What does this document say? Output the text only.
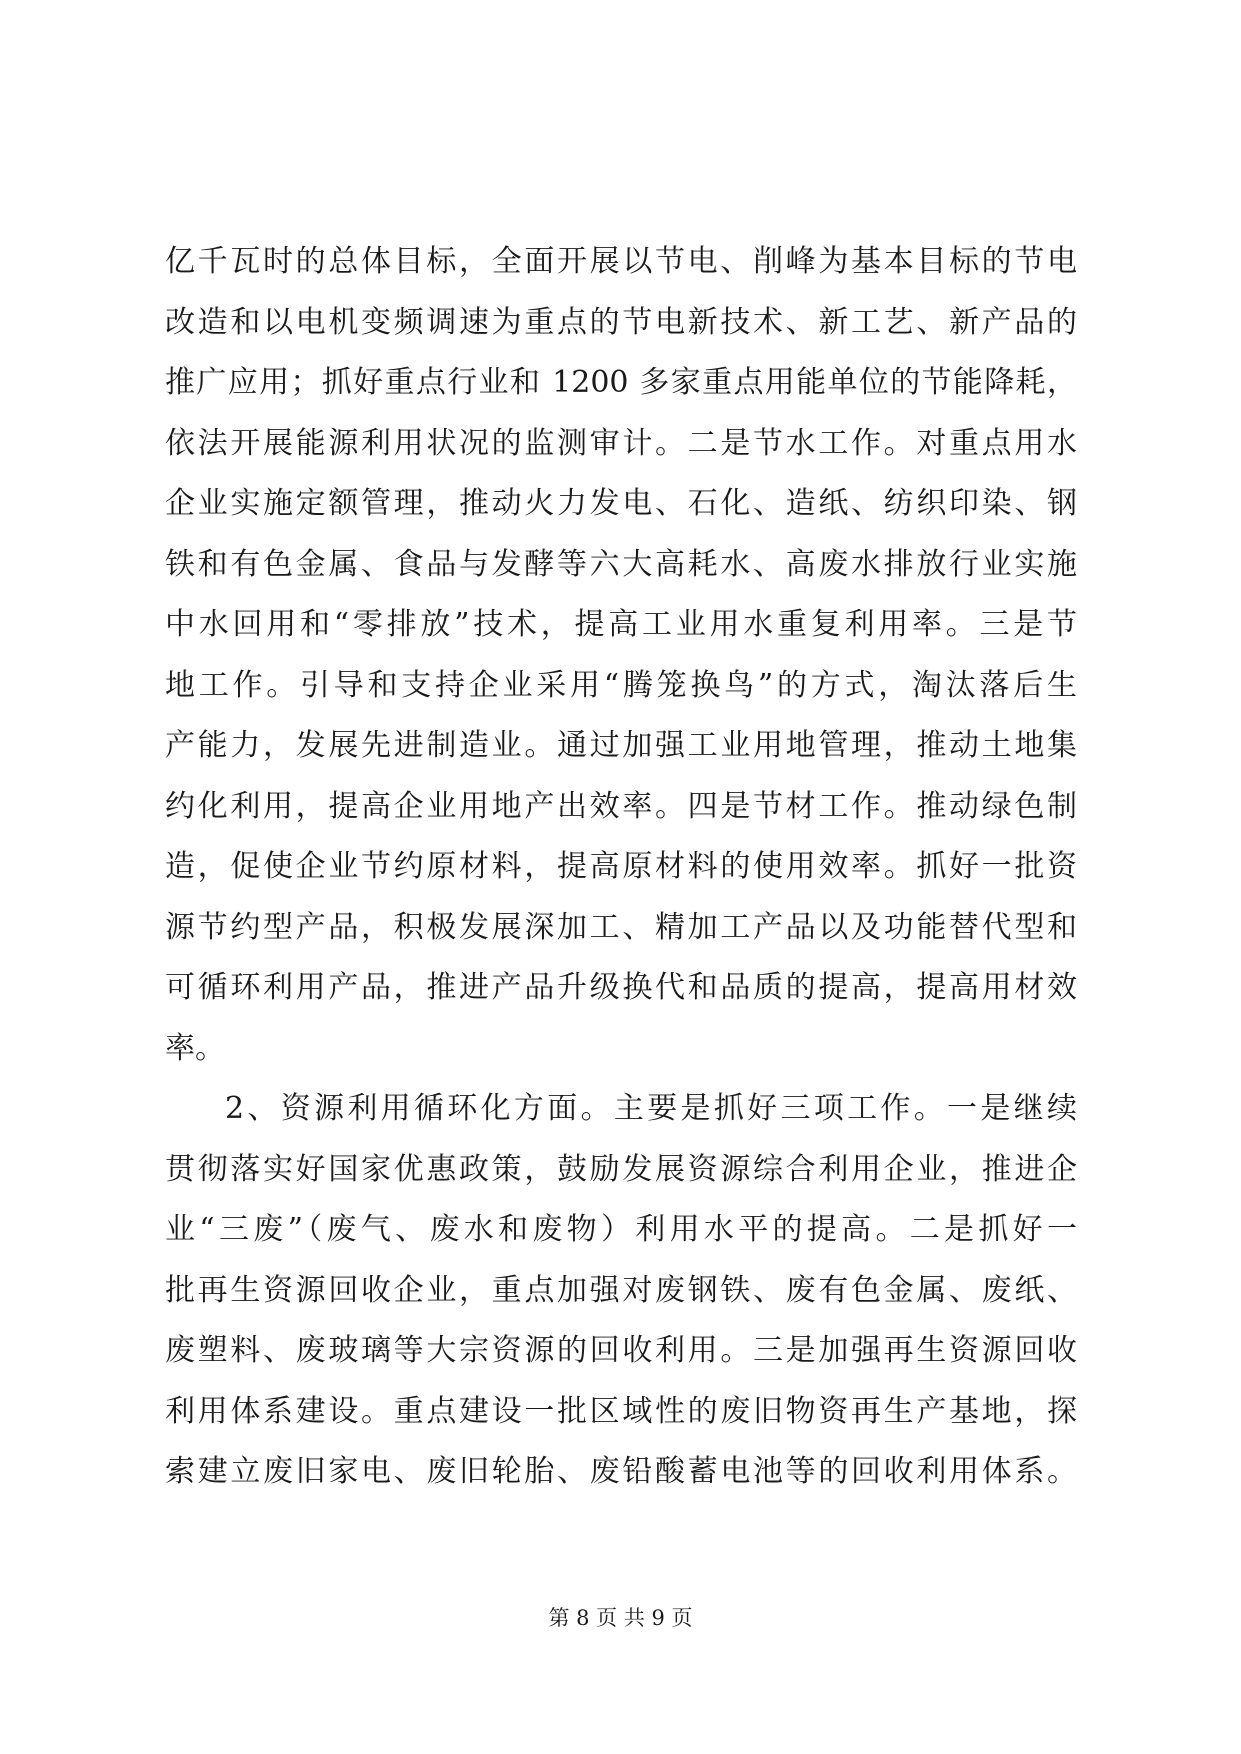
亿千瓦时的总体目标，全面开展以节电、削峰为基本目标的节电
改造和以电机变频调速为重点的节电新技术、新工艺、新产品的
推广应用；抓好重点行业和 1200 多家重点用能单位的节能降耗，
依法开展能源利用状况的监测审计。二是节水工作。对重点用水
企业实施定额管理，推动火力发电、石化、造纸、纺织印染、钢
铁和有色金属、食品与发酵等六大高耗水、高废水排放行业实施
中水回用和“零排放”技术，提高工业用水重复利用率。三是节
地工作。引导和支持企业采用“腾笼换鸟”的方式，淘汰落后生
产能力，发展先进制造业。通过加强工业用地管理，推动土地集
约化利用，提高企业用地产出效率。四是节材工作。推动绿色制
造，促使企业节约原材料，提高原材料的使用效率。抓好一批资
源节约型产品，积极发展深加工、精加工产品以及功能替代型和
可循环利用产品，推进产品升级换代和品质的提高，提高用材效
率。
2、资源利用循环化方面。主要是抓好三项工作。一是继续
贯彻落实好国家优惠政策，鼓励发展资源综合利用企业，推进企
业“三废”（废气、废水和废物）利用水平的提高。二是抓好一
批再生资源回收企业，重点加强对废钢铁、废有色金属、废纸、
废塑料、废玻璃等大宗资源的回收利用。三是加强再生资源回收
利用体系建设。重点建设一批区域性的废旧物资再生产基地，探
索建立废旧家电、废旧轮胎、废铅酸蓄电池等的回收利用体系。
第 8 页 共 9 页
